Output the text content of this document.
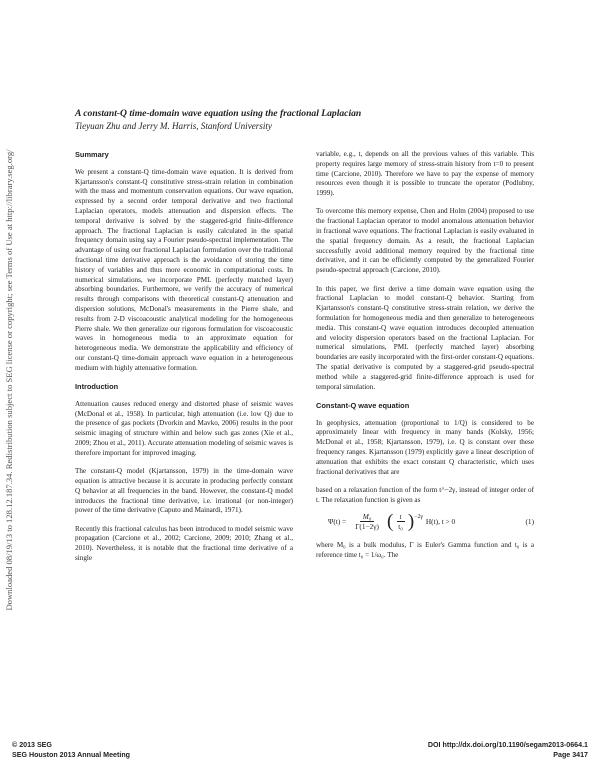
Downloaded 08/19/13 to 128.12.187.34. Redistribution subject to SEG license or copyright; see Terms of Use at http://library.seg.org/
A constant-Q time-domain wave equation using the fractional Laplacian
Tieyuan Zhu and Jerry M. Harris, Stanford University
Summary

We present a constant-Q time-domain wave equation. It is derived from Kjartansson's constant-Q constitutive stress-strain relation in combination with the mass and momentum conservation equations. Our wave equation, expressed by a second order temporal derivative and two fractional Laplacian operators, models attenuation and dispersion effects. The temporal derivative is solved by the staggered-grid finite-difference approach. The fractional Laplacian is easily calculated in the spatial frequency domain using say a Fourier pseudo-spectral implementation. The advantage of using our fractional Laplacian formulation over the traditional fractional time derivative approach is the avoidance of storing the time history of variables and thus more economic in computational costs. In numerical simulations, we incorporate PML (perfectly matched layer) absorbing boundaries. Furthermore, we verify the accuracy of numerical results through comparisons with theoretical constant-Q attenuation and dispersion solutions, McDonal's measurements in the Pierre shale, and results from 2-D viscoacoustic analytical modeling for the homogeneous Pierre shale. We then generalize our rigorous formulation for viscoacoustic waves in homogeneous media to an approximate equation for heterogeneous media. We demonstrate the applicability and efficiency of our constant-Q time-domain approach wave equation in a heterogeneous medium with highly attenuative formation.

Introduction

Attenuation causes reduced energy and distorted phase of seismic waves (McDonal et al., 1958). In particular, high attenuation (i.e. low Q) due to the presence of gas pockets (Dvorkin and Mavko, 2006) results in the poor seismic imaging of structure within and below such gas zones (Xie et al., 2009; Zhou et al., 2011). Accurate attenuation modeling of seismic waves is therefore important for improved imaging.

The constant-Q model (Kjartansson, 1979) in the time-domain wave equation is attractive because it is accurate in producing perfectly constant Q behavior at all frequencies in the band. However, the constant-Q model introduces the fractional time derivative, i.e. irrational (or non-integer) power of the time derivative (Caputo and Mainardi, 1971).

Recently this fractional calculus has been introduced to model seismic wave propagation (Carcione et al., 2002; Carcione, 2009; 2010; Zhang et al., 2010). Nevertheless, it is notable that the fractional time derivative of a single

variable, e.g., t, depends on all the previous values of this variable. This property requires large memory of stress-strain history from t=0 to present time (Carcione, 2010). Therefore we have to pay the expense of memory resources even though it is possible to truncate the operator (Podlubny, 1999).

To overcome this memory expense, Chen and Holm (2004) proposed to use the fractional Laplacian operator to model anomalous attenuation behavior in fractional wave equations. The fractional Laplacian is easily evaluated in the spatial frequency domain. As a result, the fractional Laplacian successfully avoid additional memory required by the fractional time derivative, and it can be efficiently computed by the generalized Fourier pseudo-spectral approach (Carcione, 2010).

In this paper, we first derive a time domain wave equation using the fractional Laplacian to model constant-Q behavior. Starting from Kjartansson's constant-Q constitutive stress-strain relation, we derive the formulation for homogeneous media and then generalize to heterogeneous media. This constant-Q wave equation introduces decoupled attenuation and velocity dispersion operators based on the fractional Laplacian. For numerical simulations, PML (perfectly matched layer) absorbing boundaries are easily incorporated with the first-order constant-Q equations. The spatial derivative is computed by a staggered-grid pseudo-spectral method while a staggered-grid finite-difference approach is used for temporal simulation.

Constant-Q wave equation

In geophysics, attenuation (proportional to 1/Q) is considered to be approximately linear with frequency in many bands (Kolsky, 1956; McDonal et al., 1958; Kjartansson, 1979), i.e. Q is constant over these frequency ranges. Kjartansson (1979) explicitly gave a linear description of attenuation that exhibits the exact constant Q characteristic, which uses fractional derivatives that are

based on a relaxation function of the form t^−2γ, instead of integer order of t. The relaxation function is given as

$\Psi(t) = \frac{\text{M₀}}{\Gamma(1-2\gamma)}$ ( $\frac{t}{\text{t₀}} )^{-2\gamma}$
H(t), t > 0	(1)

where M₀ is a bulk modulus, Γ is Euler's Gamma function and t₀ is a reference time t₀ = 1/ω₀. The

© 2013 SEG
SEG Houston 2013 Annual Meeting
DOI http://dx.doi.org/10.1190/segam2013-0664.1
Page 3417
